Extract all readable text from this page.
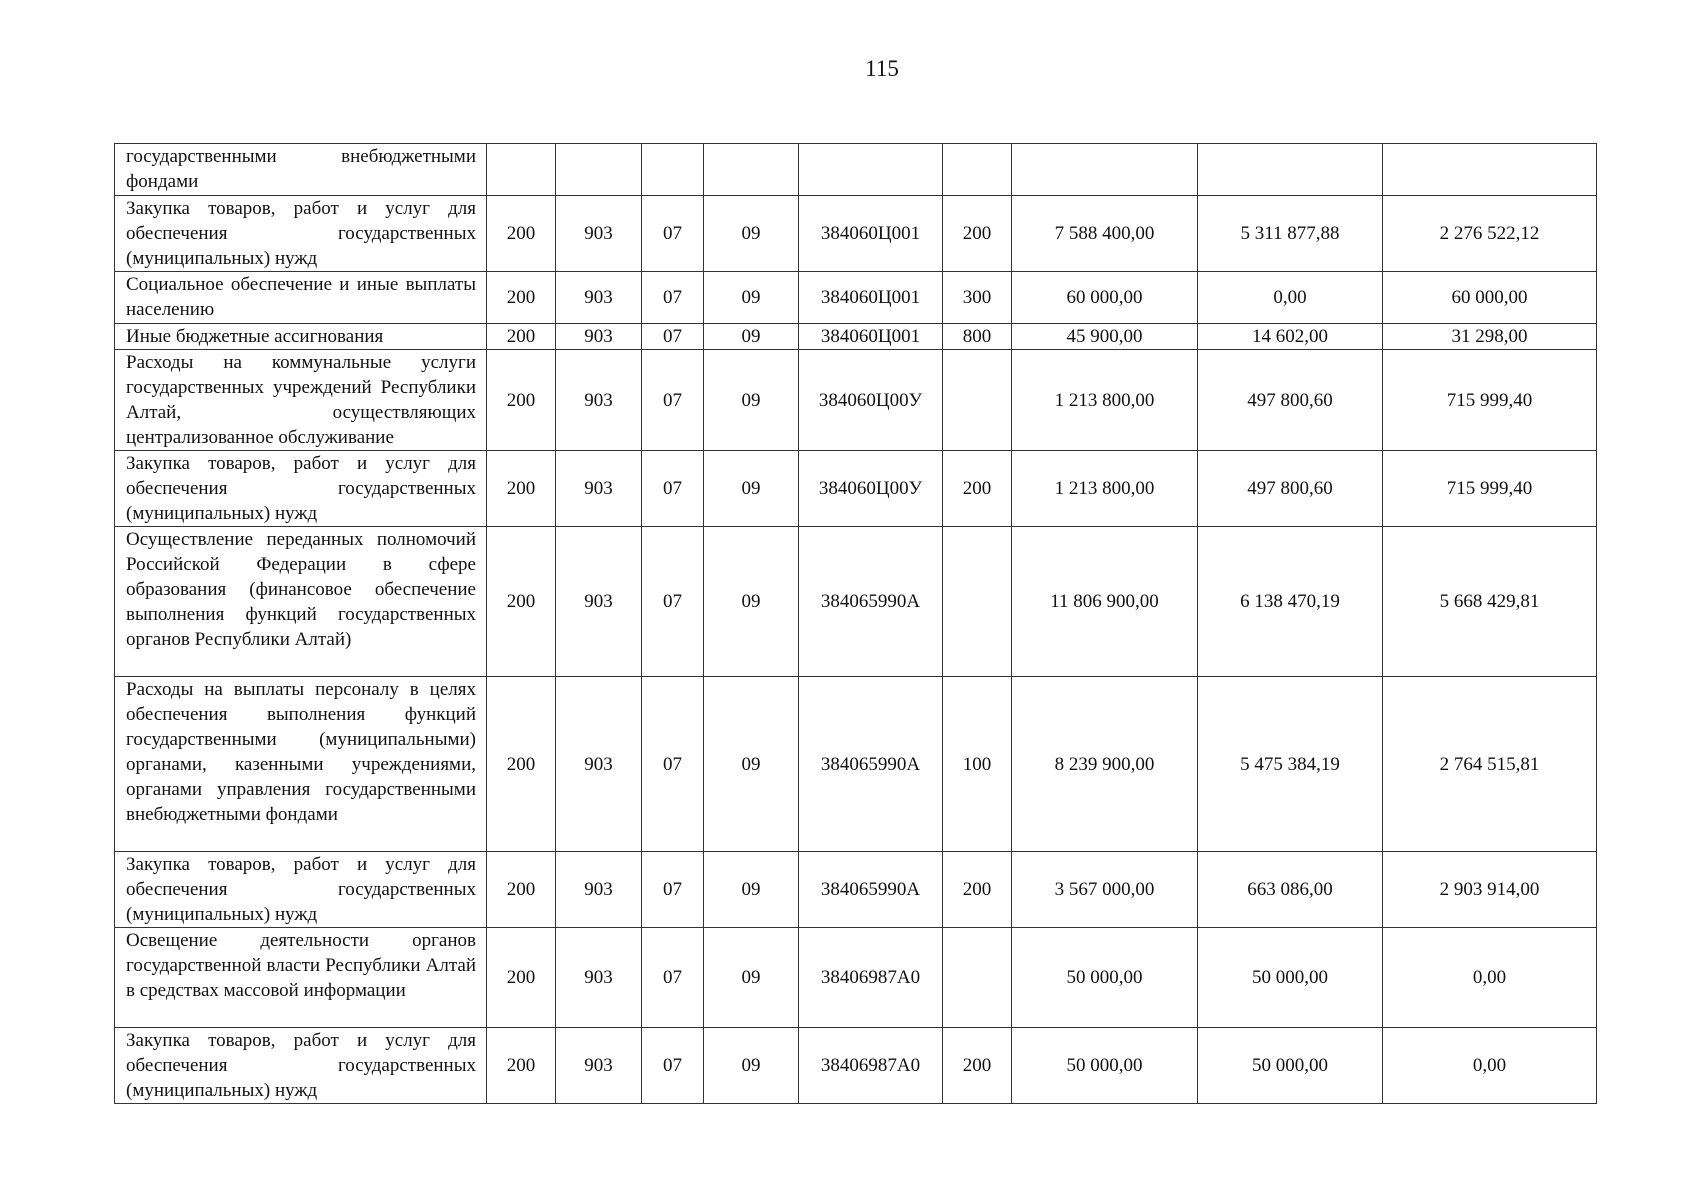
115
государственными внебюджетными фондами									
Закупка товаров, работ и услуг для обеспечения государственных (муниципальных) нужд	200	903	07	09	384060Ц001	200	7 588 400,00	5 311 877,88	2 276 522,12
Социальное обеспечение и иные выплаты населению	200	903	07	09	384060Ц001	300	60 000,00	0,00	60 000,00
Иные бюджетные ассигнования	200	903	07	09	384060Ц001	800	45 900,00	14 602,00	31 298,00
Расходы на коммунальные услуги государственных учреждений Республики Алтай, осуществляющих централизованное обслуживание	200	903	07	09	384060Ц00У		1 213 800,00	497 800,60	715 999,40
Закупка товаров, работ и услуг для обеспечения государственных (муниципальных) нужд	200	903	07	09	384060Ц00У	200	1 213 800,00	497 800,60	715 999,40
Осуществление переданных полномочий Российской Федерации в сфере образования (финансовое обеспечение выполнения функций государственных органов Республики Алтай)	200	903	07	09	384065990А		11 806 900,00	6 138 470,19	5 668 429,81
Расходы на выплаты персоналу в целях обеспечения выполнения функций государственными (муниципальными) органами, казенными учреждениями, органами управления государственными внебюджетными фондами	200	903	07	09	384065990А	100	8 239 900,00	5 475 384,19	2 764 515,81
Закупка товаров, работ и услуг для обеспечения государственных (муниципальных) нужд	200	903	07	09	384065990А	200	3 567 000,00	663 086,00	2 903 914,00
Освещение деятельности органов государственной власти Республики Алтай в средствах массовой информации	200	903	07	09	38406987А0		50 000,00	50 000,00	0,00
Закупка товаров, работ и услуг для обеспечения государственных (муниципальных) нужд	200	903	07	09	38406987А0	200	50 000,00	50 000,00	0,00
